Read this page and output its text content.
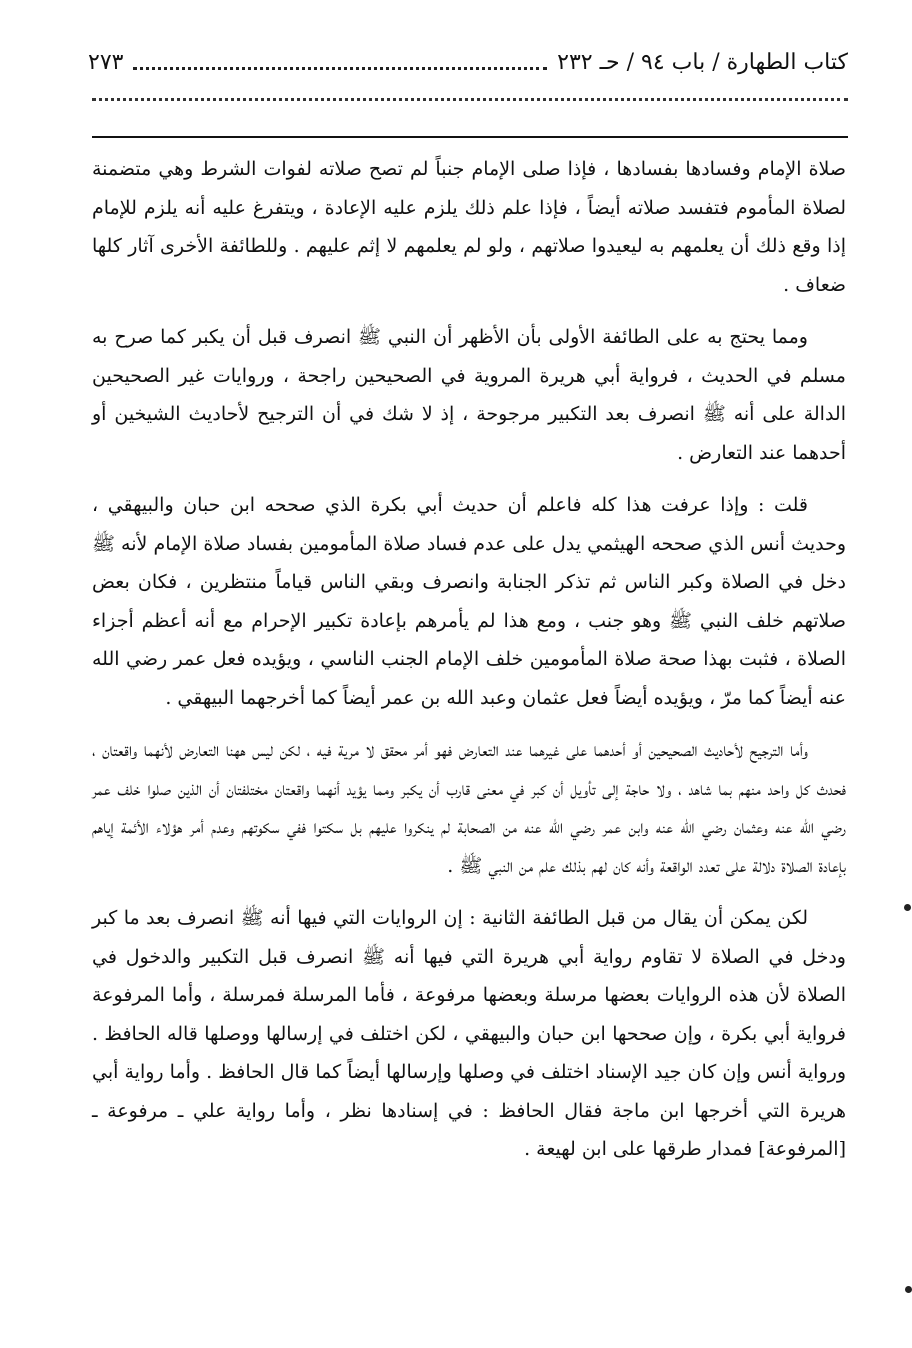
كتاب الطهارة / باب ٩٤ / حـ ٢٣٢
٢٧٣

صلاة الإمام وفسادها بفسادها ، فإذا صلى الإمام جنباً لم تصح صلاته لفوات الشرط وهي متضمنة لصلاة المأموم فتفسد صلاته أيضاً ، فإذا علم ذلك يلزم عليه الإعادة ، ويتفرغ عليه أنه يلزم للإمام إذا وقع ذلك أن يعلمهم به ليعيدوا صلاتهم ، ولو لم يعلمهم لا إثم عليهم . وللطائفة الأخرى آثار كلها ضعاف .

ومما يحتج به على الطائفة الأولى بأن الأظهر أن النبي ﷺ انصرف قبل أن يكبر كما صرح به مسلم في الحديث ، فرواية أبي هريرة المروية في الصحيحين راجحة ، وروايات غير الصحيحين الدالة على أنه ﷺ انصرف بعد التكبير مرجوحة ، إذ لا شك في أن الترجيح لأحاديث الشيخين أو أحدهما عند التعارض .

قلت : وإذا عرفت هذا كله فاعلم أن حديث أبي بكرة الذي صححه ابن حبان والبيهقي ، وحديث أنس الذي صححه الهيثمي يدل على عدم فساد صلاة المأمومين بفساد صلاة الإمام لأنه ﷺ دخل في الصلاة وكبر الناس ثم تذكر الجنابة وانصرف وبقي الناس قياماً منتظرين ، فكان بعض صلاتهم خلف النبي ﷺ وهو جنب ، ومع هذا لم يأمرهم بإعادة تكبير الإحرام مع أنه أعظم أجزاء الصلاة ، فثبت بهذا صحة صلاة المأمومين خلف الإمام الجنب الناسي ، ويؤيده فعل عمر رضي الله عنه أيضاً كما مرّ ، ويؤيده أيضاً فعل عثمان وعبد الله بن عمر أيضاً كما أخرجهما البيهقي .

وأما الترجيح لأحاديث الصحيحين أو أحدهما على غيرهما عند التعارض فهو أمر محقق لا مرية فيه ، لكن ليس ههنا التعارض لأنهما واقعتان ، فحدث كل واحد منهم بما شاهد ، ولا حاجة إلى تأويل أن كبر في معنى قارب أن يكبر ومما يؤيد أنهما واقعتان مختلفتان أن الذين صلوا خلف عمر رضي الله عنه وعثمان رضي الله عنه وابن عمر رضي الله عنه من الصحابة لم ينكروا عليهم بل سكتوا ففي سكوتهم وعدم أمر هؤلاء الأئمة إياهم بإعادة الصلاة دلالة على تعدد الواقعة وأنه كان لهم بذلك علم من النبي ﷺ .

لكن يمكن أن يقال من قبل الطائفة الثانية : إن الروايات التي فيها أنه ﷺ انصرف بعد ما كبر ودخل في الصلاة لا تقاوم رواية أبي هريرة التي فيها أنه ﷺ انصرف قبل التكبير والدخول في الصلاة لأن هذه الروايات بعضها مرسلة وبعضها مرفوعة ، فأما المرسلة فمرسلة ، وأما المرفوعة فرواية أبي بكرة ، وإن صححها ابن حبان والبيهقي ، لكن اختلف في إرسالها ووصلها قاله الحافظ . ورواية أنس وإن كان جيد الإسناد اختلف في وصلها وإرسالها أيضاً كما قال الحافظ . وأما رواية أبي هريرة التي أخرجها ابن ماجة فقال الحافظ : في إسنادها نظر ، وأما رواية علي ـ مرفوعة ـ [المرفوعة] فمدار طرقها على ابن لهيعة .
